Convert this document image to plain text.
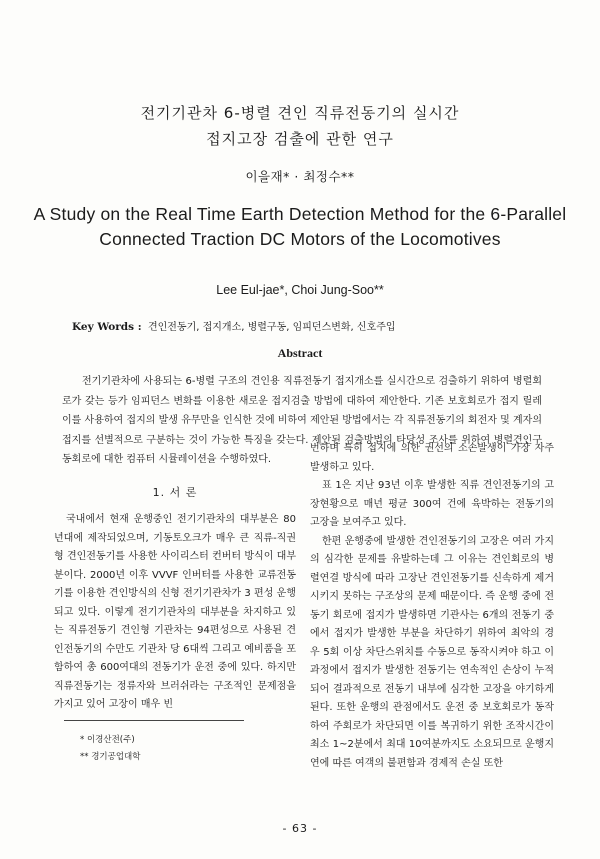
전기기관차 6-병렬 견인 직류전동기의 실시간
접지고장 검출에 관한 연구
이을재* · 최정수**
A Study on the Real Time Earth Detection Method for the 6-Parallel
Connected Traction DC Motors of the Locomotives
Lee Eul-jae*, Choi Jung-Soo**
Key Words : 견인전동기, 접지개소, 병렬구동, 임피던스변화, 신호주입
Abstract

전기기관차에 사용되는 6-병렬 구조의 견인용 직류전동기 접지개소를 실시간으로 검출하기 위하여 병렬회로가 갖는 등가 임피던스 변화를 이용한 새로운 접지검출 방법에 대하여 제안한다. 기존 보호회로가 접지 릴레이를 사용하여 접지의 발생 유무만을 인식한 것에 비하여 제안된 방법에서는 각 직류전동기의 회전자 및 계자의 접지를 선별적으로 구분하는 것이 가능한 특징을 갖는다. 제안된 검출방법의 타당성 조사를 위하여 병렬견인구동회로에 대한 컴퓨터 시뮬레이션을 수행하였다.

1. 서 론

국내에서 현재 운행중인 전기기관차의 대부분은 80년대에 제작되었으며, 기동토오크가 매우 큰 직류-직권형 견인전동기를 사용한 사이리스터 컨버터 방식이 대부분이다. 2000년 이후 VVVF 인버터를 사용한 교류전동기를 이용한 견인방식의 신형 전기기관차가 3 편성 운행되고 있다. 이렇게 전기기관차의 대부분을 차지하고 있는 직류전동기 견인형 기관차는 94편성으로 사용된 견인전동기의 수만도 기관차 당 6대씩 그리고 예비품을 포함하여 총 600여대의 전동기가 운전 중에 있다. 하지만 직류전동기는 정류자와 브러쉬라는 구조적인 문제점을 가지고 있어 고장이 매우 빈

번하며 특히 접지에 의한 권선의 소손발생이 가장 자주 발생하고 있다.

표 1은 지난 93년 이후 발생한 직류 견인전동기의 고장현황으로 매년 평균 300여 건에 육박하는 전동기의 고장을 보여주고 있다.

한편 운행중에 발생한 견인전동기의 고장은 여러 가지의 심각한 문제를 유발하는데 그 이유는 견인회로의 병렬연결 방식에 따라 고장난 견인전동기를 신속하게 제거시키지 못하는 구조상의 문제 때문이다. 즉 운행 중에 전동기 회로에 접지가 발생하면 기관사는 6개의 전동기 중에서 접지가 발생한 부분을 차단하기 위하여 최악의 경우 5회 이상 차단스위치를 수동으로 동작시켜야 하고 이 과정에서 접지가 발생한 전동기는 연속적인 손상이 누적되어 결과적으로 전동기 내부에 심각한 고장을 야기하게 된다. 또한 운행의 관점에서도 운전 중 보호회로가 동작하여 주회로가 차단되면 이를 복귀하기 위한 조작시간이 최소 1~2분에서 최대 10여분까지도 소요되므로 운행지연에 따른 여객의 불편함과 경제적 손실 또한

* 이경산전(주)
** 경기공업대학
- 63 -
